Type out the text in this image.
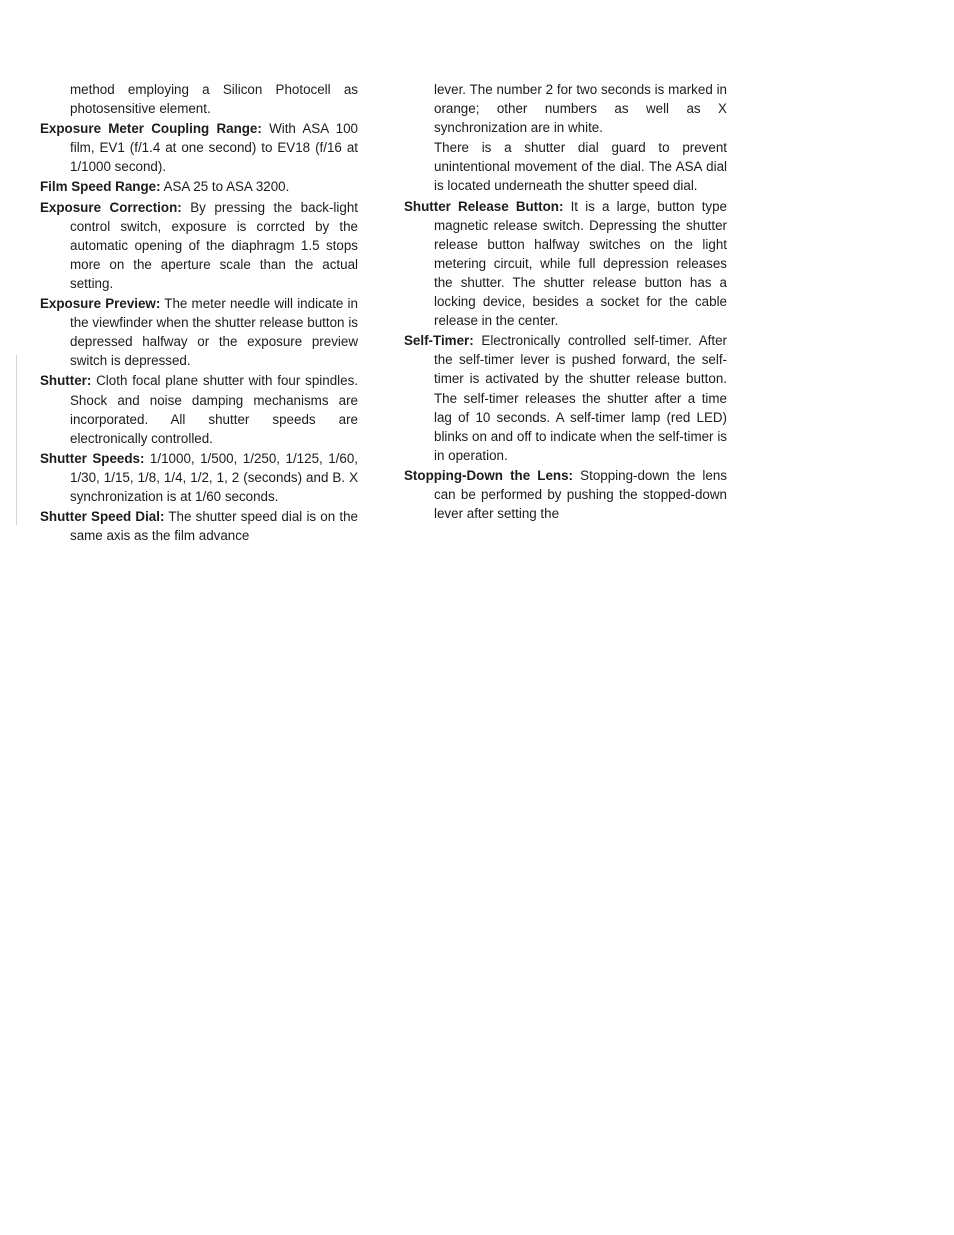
method employing a Silicon Photocell as photosensitive element.

Exposure Meter Coupling Range: With ASA 100 film, EV1 (f/1.4 at one second) to EV18 (f/16 at 1/1000 second).

Film Speed Range: ASA 25 to ASA 3200.

Exposure Correction: By pressing the back-light control switch, exposure is corrcted by the automatic opening of the diaphragm 1.5 stops more on the aperture scale than the actual setting.

Exposure Preview: The meter needle will indicate in the viewfinder when the shutter release button is depressed halfway or the exposure preview switch is depressed.

Shutter: Cloth focal plane shutter with four spindles. Shock and noise damping mechanisms are incorporated. All shutter speeds are electronically controlled.

Shutter Speeds: 1/1000, 1/500, 1/250, 1/125, 1/60, 1/30, 1/15, 1/8, 1/4, 1/2, 1, 2 (seconds) and B. X synchronization is at 1/60 seconds.

Shutter Speed Dial: The shutter speed dial is on the same axis as the film advance

lever. The number 2 for two seconds is marked in orange; other numbers as well as X synchronization are in white.

There is a shutter dial guard to prevent unintentional movement of the dial. The ASA dial is located underneath the shutter speed dial.

Shutter Release Button: It is a large, button type magnetic release switch. Depressing the shutter release button halfway switches on the light metering circuit, while full depression releases the shutter. The shutter release button has a locking device, besides a socket for the cable release in the center.

Self-Timer: Electronically controlled self-timer. After the self-timer lever is pushed forward, the self-timer is activated by the shutter release button. The self-timer releases the shutter after a time lag of 10 seconds. A self-timer lamp (red LED) blinks on and off to indicate when the self-timer is in operation.

Stopping-Down the Lens: Stopping-down the lens can be performed by pushing the stopped-down lever after setting the
